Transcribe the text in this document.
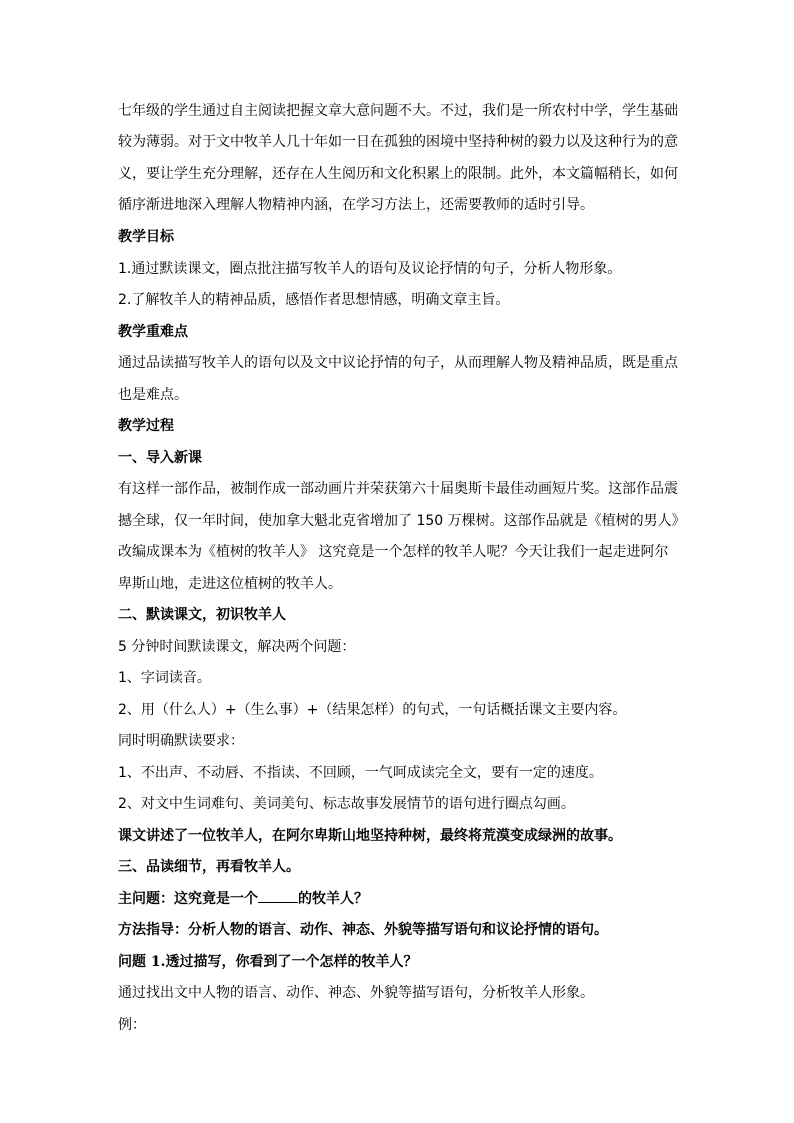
七年级的学生通过自主阅读把握文章大意问题不大。不过，我们是一所农村中学，学生基础
较为薄弱。对于文中牧羊人几十年如一日在孤独的困境中坚持种树的毅力以及这种行为的意
义，要让学生充分理解，还存在人生阅历和文化积累上的限制。此外，本文篇幅稍长，如何
循序渐进地深入理解人物精神内涵，在学习方法上，还需要教师的适时引导。
教学目标
1.通过默读课文，圈点批注描写牧羊人的语句及议论抒情的句子，分析人物形象。
2.了解牧羊人的精神品质，感悟作者思想情感，明确文章主旨。
教学重难点
通过品读描写牧羊人的语句以及文中议论抒情的句子，从而理解人物及精神品质，既是重点
也是难点。
教学过程
一、导入新课
有这样一部作品，被制作成一部动画片并荣获第六十届奥斯卡最佳动画短片奖。这部作品震
撼全球，仅一年时间，使加拿大魁北克省增加了 150 万棵树。这部作品就是《植树的男人》
改编成课本为《植树的牧羊人》 这究竟是一个怎样的牧羊人呢？今天让我们一起走进阿尔
卑斯山地，走进这位植树的牧羊人。
二、默读课文，初识牧羊人
5 分钟时间默读课文，解决两个问题：
1、字词读音。
2、用（什么人）+（生么事）+（结果怎样）的句式，一句话概括课文主要内容。
同时明确默读要求：
1、不出声、不动唇、不指读、不回顾，一气呵成读完全文，要有一定的速度。
2、对文中生词难句、美词美句、标志故事发展情节的语句进行圈点勾画。
课文讲述了一位牧羊人，在阿尔卑斯山地坚持种树，最终将荒漠变成绿洲的故事。
三、品读细节，再看牧羊人。
主问题：这究竟是一个	的牧羊人？
方法指导：分析人物的语言、动作、神态、外貌等描写语句和议论抒情的语句。
问题 1.透过描写，你看到了一个怎样的牧羊人？
通过找出文中人物的语言、动作、神态、外貌等描写语句，分析牧羊人形象。
例：
